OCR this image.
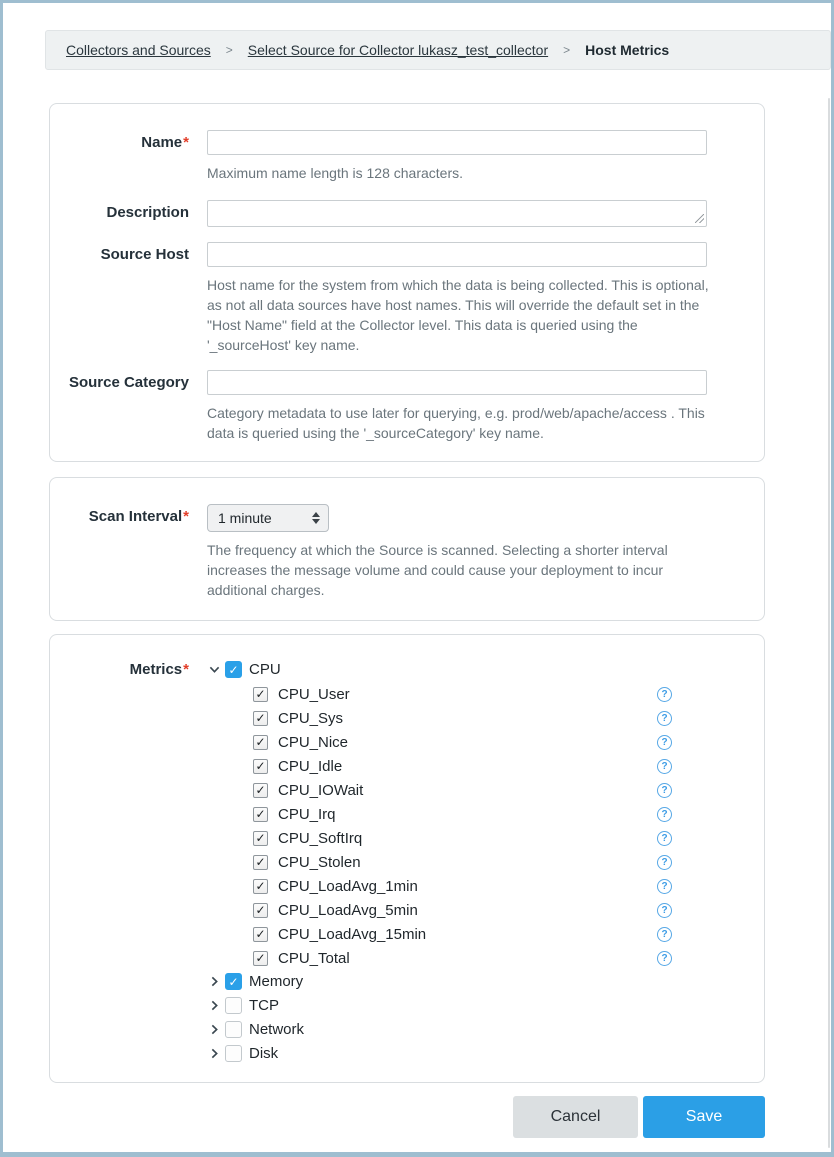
Collectors and Sources > Select Source for Collector lukasz_test_collector > Host Metrics
Name*
Maximum name length is 128 characters.
Description
Source Host
Host name for the system from which the data is being collected. This is optional, as not all data sources have host names. This will override the default set in the "Host Name" field at the Collector level. This data is queried using the '_sourceHost' key name.
Source Category
Category metadata to use later for querying, e.g. prod/web/apache/access . This data is queried using the '_sourceCategory' key name.
Scan Interval* 1 minute
The frequency at which the Source is scanned. Selecting a shorter interval increases the message volume and could cause your deployment to incur additional charges.
Metrics*	✓ CPU
✓ CPU_User	?
✓ CPU_Sys	?
✓ CPU_Nice	?
✓ CPU_Idle	?
✓ CPU_IOWait	?
✓ CPU_Irq	?
✓ CPU_SoftIrq	?
✓ CPU_Stolen	?
✓ CPU_LoadAvg_1min	?
✓ CPU_LoadAvg_5min	?
✓ CPU_LoadAvg_15min	?
✓ CPU_Total	?
✓ Memory
TCP
Network
Disk
Cancel	Save
